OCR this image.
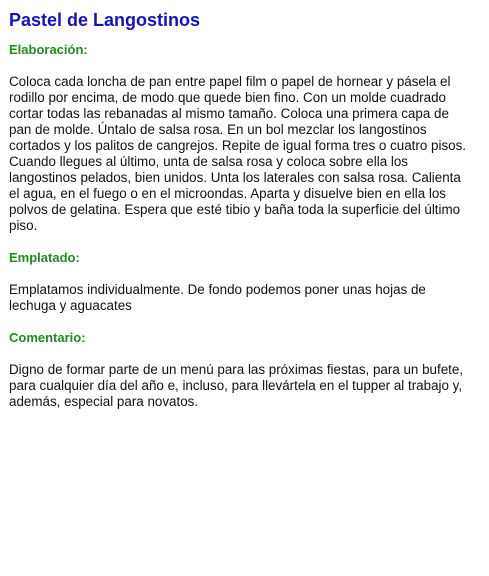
Pastel de Langostinos
Elaboración:

Coloca cada loncha de pan entre papel film o papel de hornear y pásela el rodillo por encima, de modo que quede bien fino. Con un molde cuadrado cortar todas las rebanadas al mismo tamaño. Coloca una primera capa de pan de molde. Úntalo de salsa rosa. En un bol mezclar los langostinos cortados y los palitos de cangrejos. Repite de igual forma tres o cuatro pisos. Cuando llegues al último, unta de salsa rosa y coloca sobre ella los langostinos pelados, bien unidos. Unta los laterales con salsa rosa. Calienta el agua, en el fuego o en el microondas. Aparta y disuelve bien en ella los polvos de gelatina. Espera que esté tibio y baña toda la superficie del último piso.

Emplatado:

Emplatamos individualmente. De fondo podemos poner unas hojas de lechuga y aguacates

Comentario:

Digno de formar parte de un menú para las próximas fiestas, para un bufete, para cualquier día del año e, incluso, para llevártela en el tupper al trabajo y, además, especial para novatos.
